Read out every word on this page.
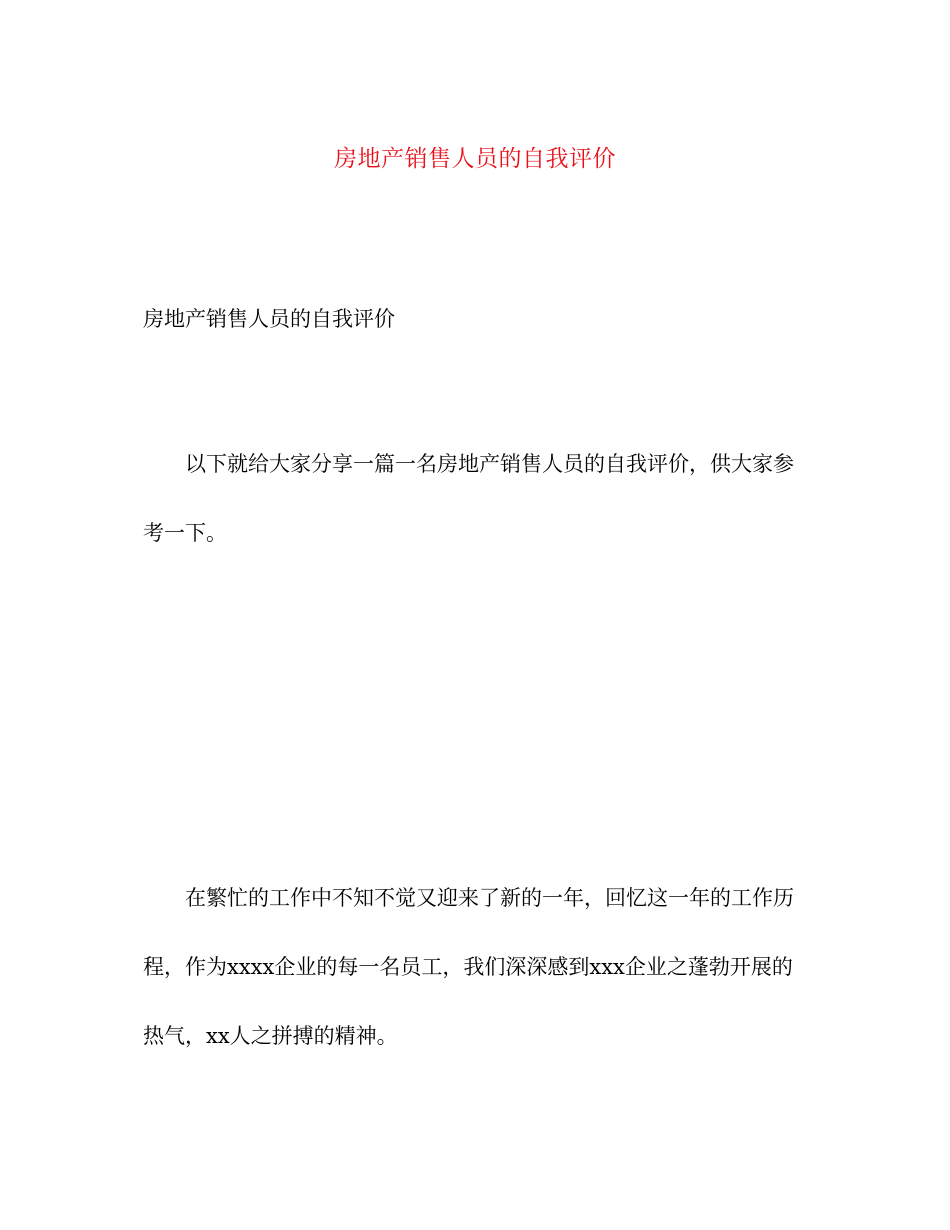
房地产销售人员的自我评价
房地产销售人员的自我评价

以下就给大家分享一篇一名房地产销售人员的自我评价，供大家参考一下。

在繁忙的工作中不知不觉又迎来了新的一年，回忆这一年的工作历程，作为xxxx企业的每一名员工，我们深深感到xxx企业之蓬勃开展的热气，xx人之拼搏的精神。
